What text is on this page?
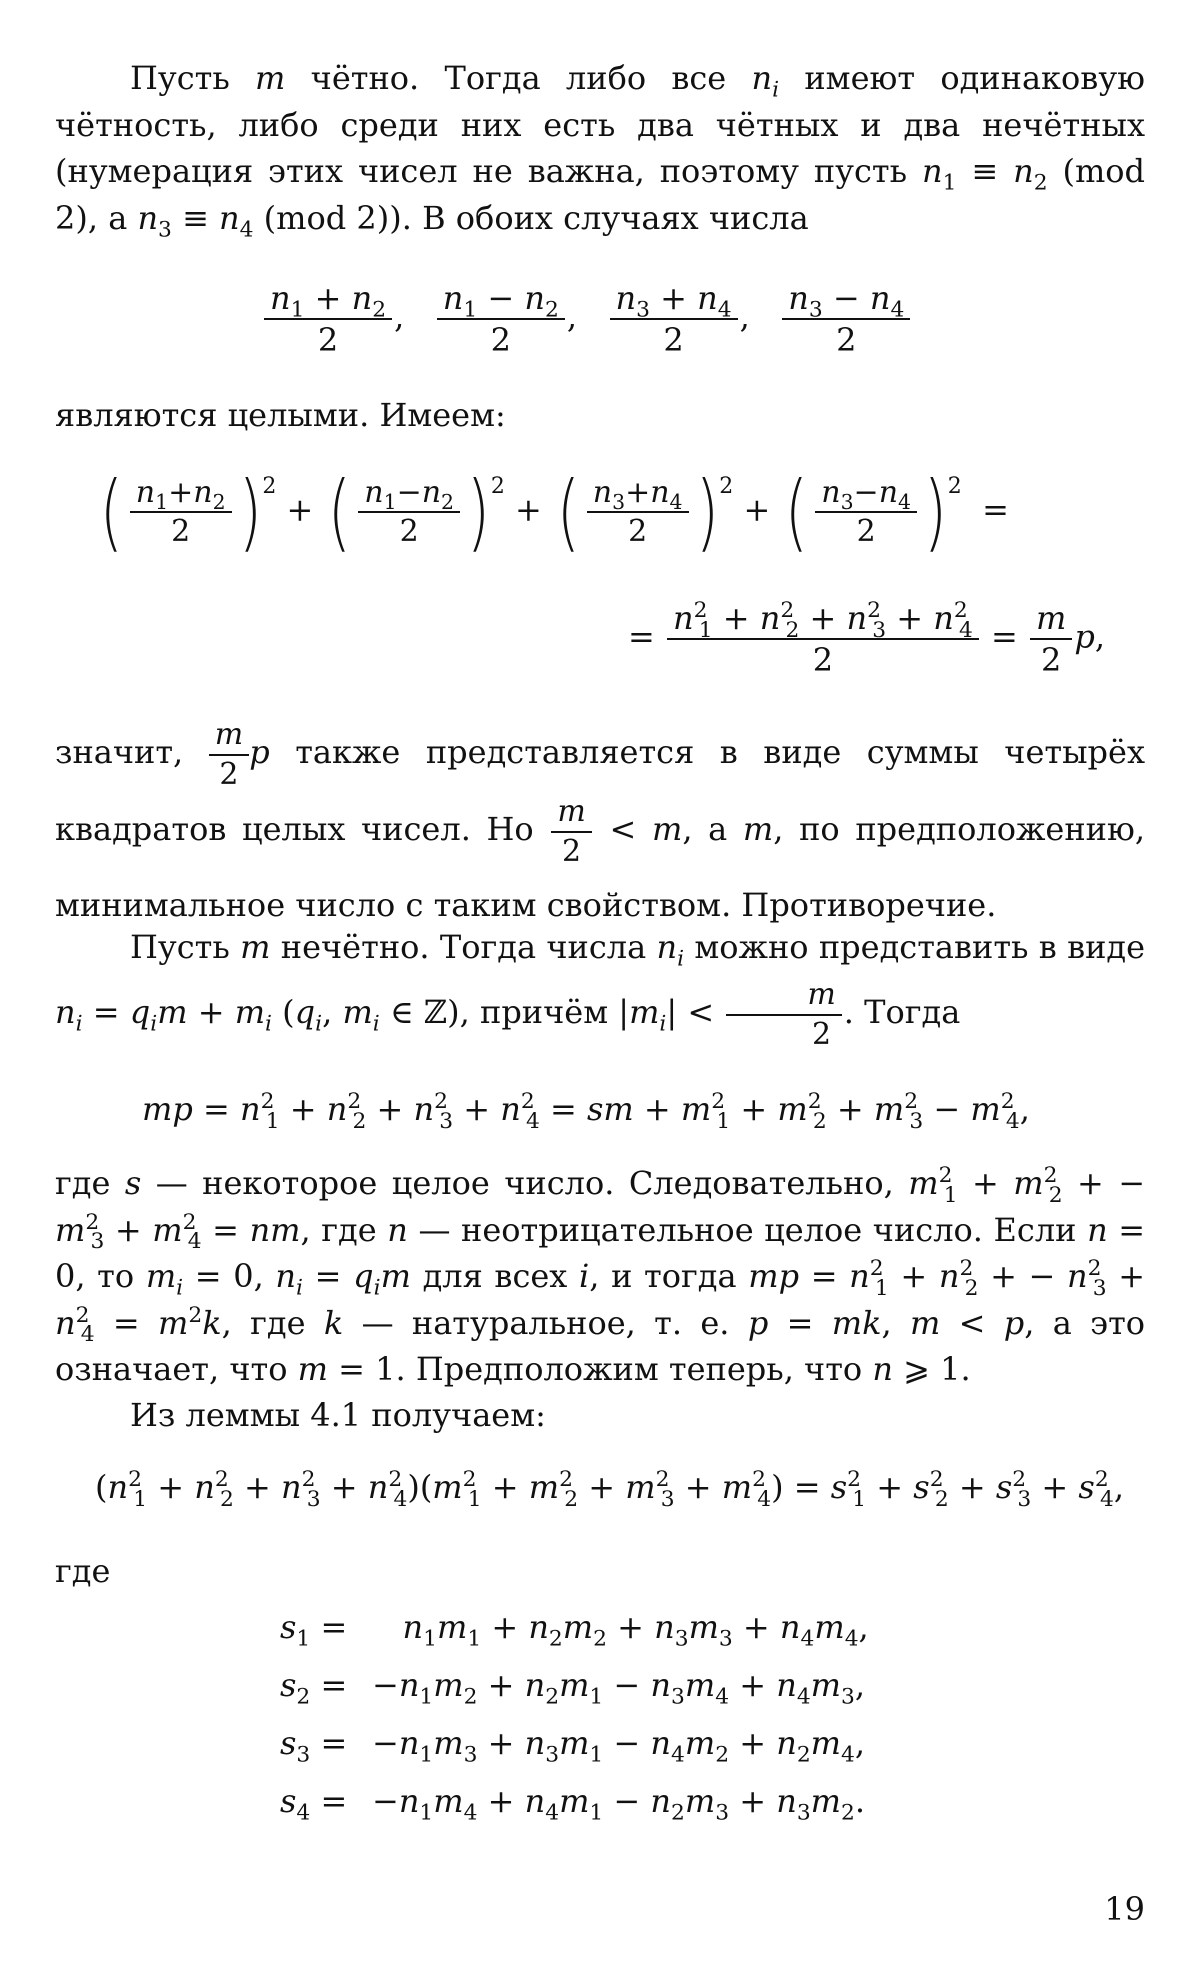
Пусть m чётно. Тогда либо все $n_i$ имеют одинаковую чётность, либо среди них есть два чётных и два нечётных (нумерация этих чисел не важна, поэтому пусть $n_1 \equiv n_2$ (mod 2), а $n_3 \equiv n_4$ (mod 2)). В обоих случаях числа
$\frac{n_1 + n_2}{2}$ , $\frac{n_1 - n_2}{2}$ , $\frac{n_3 + n_4}{2}$ , $\frac{n_3 - n_4}{2}$
являются целыми. Имеем:
( $\frac{n_1+n_2}{2} )^2$ + ( $\frac{n_1-n_2}{2} )^2$ + ( $\frac{n_3+n_4}{2} )^2$ + ( $\frac{n_3-n_4}{2} )^2$  =
= $\frac{n^2_1 + n^2_2 + n^2_3 + n^2_4}{2} = \frac{m}{2} p$,
значит, $\frac{m}{2}$ p также представляется в виде суммы четырёх квадратов целых чисел. Но $\frac{m}{2} < m$, а m, по предположению, минимальное число с таким свойством. Противоречие.
Пусть m нечётно. Тогда числа $n_i$ можно представить в виде $n_i = q_im + m_i$ ($q_i$, $m_i$ ∈ ℤ), причём $|m_i| < \frac{m}{2}$ . Тогда
mp = $n^2_1 + n^2_2 + n^2_3 + n^2_4$ = sm + $m^2_1 + m^2_2 + m^2_3 - m^2_4$,
где s — некоторое целое число. Следовательно, $m^2_1 + m^2_2$ + − $m^2_3 + m^2_4$ = nm, где n — неотрицательное целое число. Если n = 0, то $m_i = 0$, $n_i = q_im$ для всех i, и тогда mp = $n^2_1 + n^2_2$ + − $n^2_3 + n^2_4 = m^2k$, где k — натуральное, т. е. p = mk, m < p, а это означает, что m = 1. Предположим теперь, что n ⩾ 1.
Из леммы 4.1 получаем:
$(n^2_1 + n^2_2 + n^2_3 + n^2_4)(m^2_1 + m^2_2 + m^2_3 + m^2_4) = s^2_1 + s^2_2 + s^2_3 + s^2_4$,
где
$s_1 = n_1m_1 + n_2m_2 + n_3m_3 + n_4m_4$,
$s_2 = -n_1m_2 + n_2m_1 - n_3m_4 + n_4m_3$,
$s_3 = -n_1m_3 + n_3m_1 - n_4m_2 + n_2m_4$,
$s_4 = -n_1m_4 + n_4m_1 - n_2m_3 + n_3m_2$.
19
